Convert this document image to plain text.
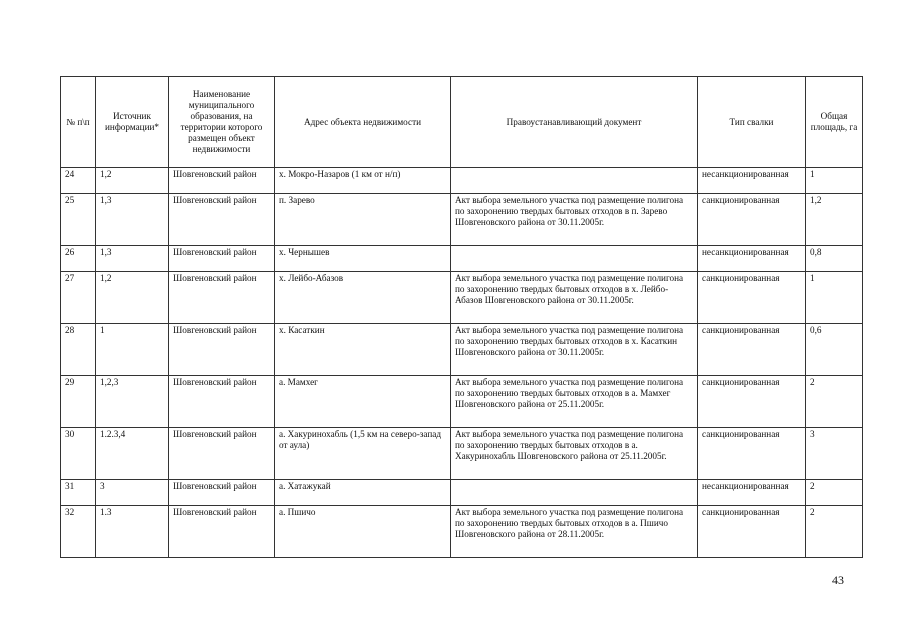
№ п\п	Источник информации*	Наименование муниципального образования, на территории которого размещен объект недвижимости	Адрес объекта недвижимости	Правоустанавливающий документ	Тип свалки	Общая площадь, га
24	1,2	Шовгеновский район	х. Мокро-Назаров (1 км от н/п)		несанкционированная	1
25	1,3	Шовгеновский район	п. Зарево	Акт выбора земельного участка под размещение полигона по захоронению твердых бытовых отходов в п. Зарево Шовгеновского района от 30.11.2005г.	санкционированная	1,2
26	1,3	Шовгеновский район	х. Чернышев		несанкционированная	0,8
27	1,2	Шовгеновский район	х. Лейбо-Абазов	Акт выбора земельного участка под размещение полигона по захоронению твердых бытовых отходов в х. Лейбо-Абазов Шовгеновского района от 30.11.2005г.	санкционированная	1
28	1	Шовгеновский район	х. Касаткин	Акт выбора земельного участка под размещение полигона по захоронению твердых бытовых отходов в х. Касаткин Шовгеновского района от 30.11.2005г.	санкционированная	0,6
29	1,2,3	Шовгеновский район	а. Мамхег	Акт выбора земельного участка под размещение полигона по захоронению твердых бытовых отходов в а. Мамхег Шовгеновского района от 25.11.2005г.	санкционированная	2
30	1.2.3,4	Шовгеновский район	а. Хакуринохабль (1,5 км на северо-запад от аула)	Акт выбора земельного участка под размещение полигона по захоронению твердых бытовых отходов в а. Хакуринохабль Шовгеновского района от 25.11.2005г.	санкционированная	3
31	3	Шовгеновский район	а. Хатажукай		несанкционированная	2
32	1.3	Шовгеновский район	а. Пшичо	Акт выбора земельного участка под размещение полигона по захоронению твердых бытовых отходов в а. Пшичо Шовгеновского района от 28.11.2005г.	санкционированная	2
43
